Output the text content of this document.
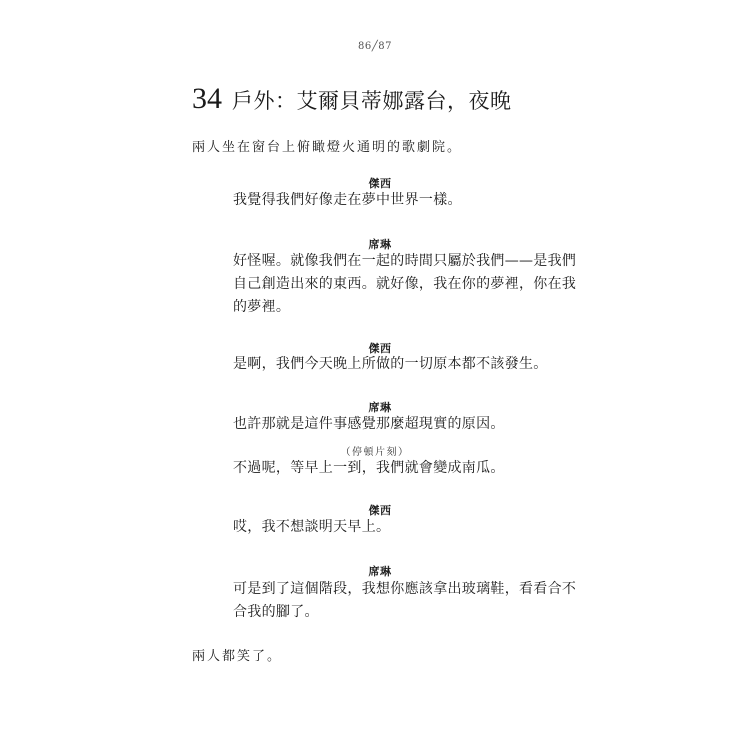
86╱87
34 戶外：艾爾貝蒂娜露台，夜晚
兩人坐在窗台上俯瞰燈火通明的歌劇院。
傑西
我覺得我們好像走在夢中世界一樣。
席琳
好怪喔。就像我們在一起的時間只屬於我們——是我們
自己創造出來的東西。就好像，我在你的夢裡，你在我
的夢裡。
傑西
是啊，我們今天晚上所做的一切原本都不該發生。
席琳
也許那就是這件事感覺那麼超現實的原因。
（停頓片刻）
不過呢，等早上一到，我們就會變成南瓜。
傑西
哎，我不想談明天早上。
席琳
可是到了這個階段，我想你應該拿出玻璃鞋，看看合不
合我的腳了。
兩人都笑了。
